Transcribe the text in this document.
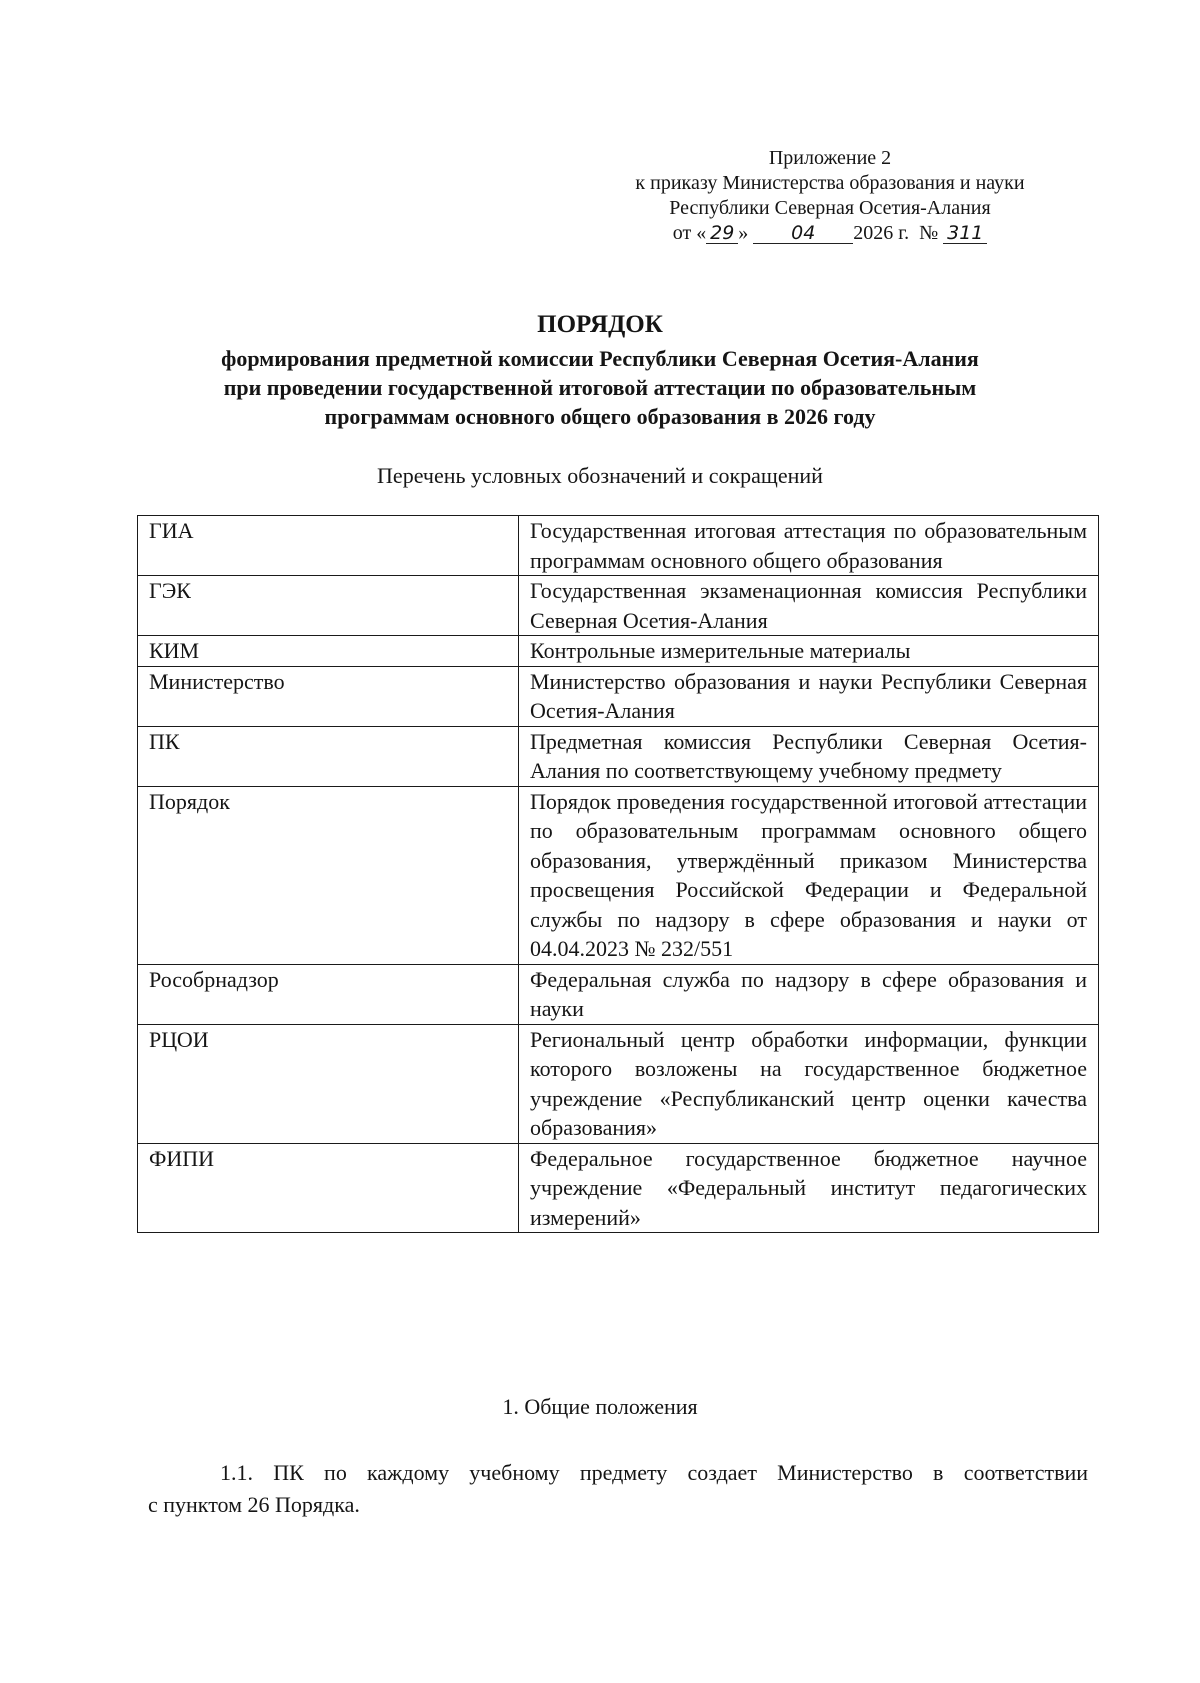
Приложение 2
к приказу Министерства образования и науки
Республики Северная Осетия-Алания
от « 29 » 04 2026 г. № 311
ПОРЯДОК
формирования предметной комиссии Республики Северная Осетия-Алания
при проведении государственной итоговой аттестации по образовательным
программам основного общего образования в 2026 году
Перечень условных обозначений и сокращений
ГИА	Государственная итоговая аттестация по образовательным программам основного общего образования
ГЭК	Государственная экзаменационная комиссия Республики Северная Осетия-Алания
КИМ	Контрольные измерительные материалы
Министерство	Министерство образования и науки Республики Северная Осетия-Алания
ПК	Предметная комиссия Республики Северная Осетия-Алания по соответствующему учебному предмету
Порядок	Порядок проведения государственной итоговой аттестации по образовательным программам основного общего образования, утверждённый приказом Министерства просвещения Российской Федерации и Федеральной службы по надзору в сфере образования и науки от 04.04.2023 № 232/551
Рособрнадзор	Федеральная служба по надзору в сфере образования и науки
РЦОИ	Региональный центр обработки информации, функции которого возложены на государственное бюджетное учреждение «Республиканский центр оценки качества образования»
ФИПИ	Федеральное государственное бюджетное научное учреждение «Федеральный институт педагогических измерений»
1. Общие положения
1.1. ПК по каждому учебному предмету создает Министерство в соответствии с пунктом 26 Порядка.
